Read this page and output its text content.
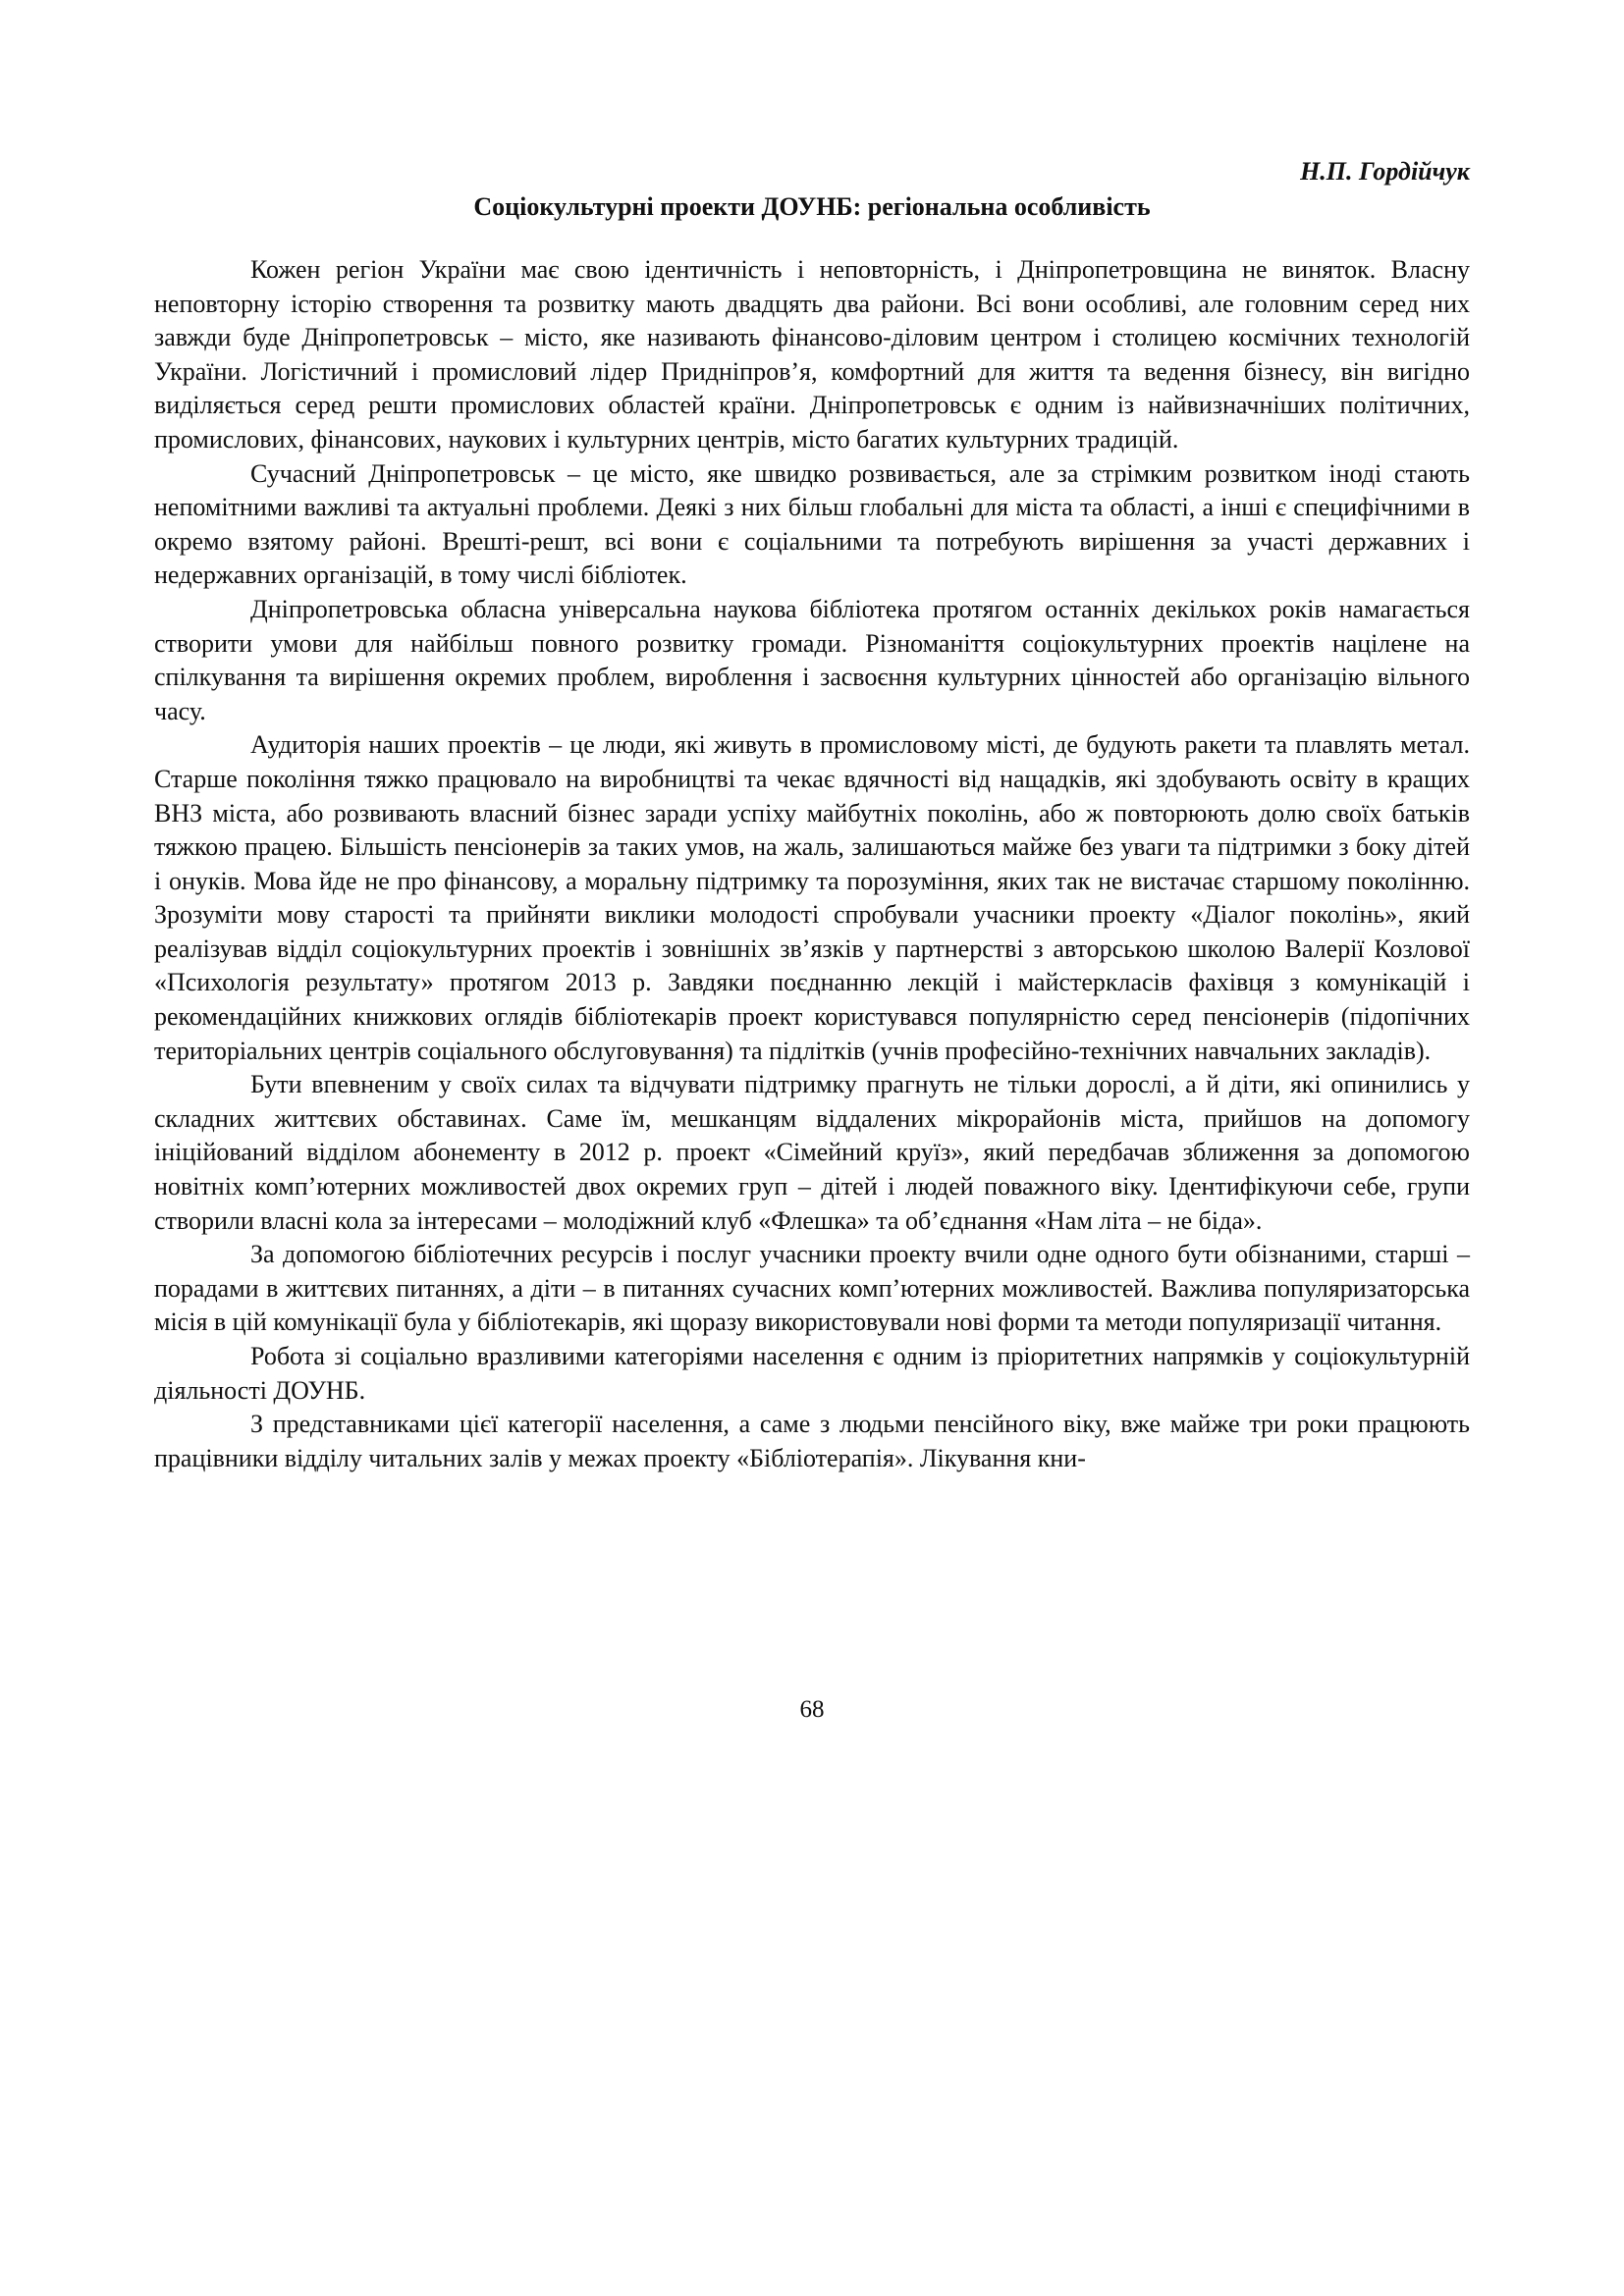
Н.П. Гордійчук
Соціокультурні проекти ДОУНБ: регіональна особливість

Кожен регіон України має свою ідентичність і неповторність, і Дніпропетровщина не виняток. Власну неповторну історію створення та розвитку мають двадцять два райони. Всі вони особливі, але головним серед них завжди буде Дніпропетровськ – місто, яке називають фінансово-діловим центром і столицею космічних технологій України. Логістичний і промисловий лідер Придніпров’я, комфортний для життя та ведення бізнесу, він вигідно виділяється серед решти промислових областей країни. Дніпропетровськ є одним із найвизначніших політичних, промислових, фінансових, наукових і культурних центрів, місто багатих культурних традицій.

Сучасний Дніпропетровськ – це місто, яке швидко розвивається, але за стрімким розвитком іноді стають непомітними важливі та актуальні проблеми. Деякі з них більш глобальні для міста та області, а інші є специфічними в окремо взятому районі. Врешті-решт, всі вони є соціальними та потребують вирішення за участі державних і недержавних організацій, в тому числі бібліотек.

Дніпропетровська обласна універсальна наукова бібліотека протягом останніх декількох років намагається створити умови для найбільш повного розвитку громади. Різноманіття соціокультурних проектів націлене на спілкування та вирішення окремих проблем, вироблення і засвоєння культурних цінностей або організацію вільного часу.

Аудиторія наших проектів – це люди, які живуть в промисловому місті, де будують ракети та плавлять метал. Старше покоління тяжко працювало на виробництві та чекає вдячності від нащадків, які здобувають освіту в кращих ВНЗ міста, або розвивають власний бізнес заради успіху майбутніх поколінь, або ж повторюють долю своїх батьків тяжкою працею. Більшість пенсіонерів за таких умов, на жаль, залишаються майже без уваги та підтримки з боку дітей і онуків. Мова йде не про фінансову, а моральну підтримку та порозуміння, яких так не вистачає старшому поколінню. Зрозуміти мову старості та прийняти виклики молодості спробували учасники проекту «Діалог поколінь», який реалізував відділ соціокультурних проектів і зовнішніх зв’язків у партнерстві з авторською школою Валерії Козлової «Психологія результату» протягом 2013 р. Завдяки поєднанню лекцій і майстеркласів фахівця з комунікацій і рекомендаційних книжкових оглядів бібліотекарів проект користувався популярністю серед пенсіонерів (підопічних територіальних центрів соціального обслуговування) та підлітків (учнів професійно-технічних навчальних закладів).

Бути впевненим у своїх силах та відчувати підтримку прагнуть не тільки дорослі, а й діти, які опинились у складних життєвих обставинах. Саме їм, мешканцям віддалених мікрорайонів міста, прийшов на допомогу ініційований відділом абонементу в 2012 р. проект «Сімейний круїз», який передбачав зближення за допомогою новітніх комп’ютерних можливостей двох окремих груп – дітей і людей поважного віку. Ідентифікуючи себе, групи створили власні кола за інтересами – молодіжний клуб «Флешка» та об’єднання «Нам літа – не біда».

За допомогою бібліотечних ресурсів і послуг учасники проекту вчили одне одного бути обізнаними, старші – порадами в життєвих питаннях, а діти – в питаннях сучасних комп’ютерних можливостей. Важлива популяризаторська місія в цій комунікації була у бібліотекарів, які щоразу використовували нові форми та методи популяризації читання.

Робота зі соціально вразливими категоріями населення є одним із пріоритетних напрямків у соціокультурній діяльності ДОУНБ.

З представниками цієї категорії населення, а саме з людьми пенсійного віку, вже майже три роки працюють працівники відділу читальних залів у межах проекту «Бібліотерапія». Лікування кни-

68
